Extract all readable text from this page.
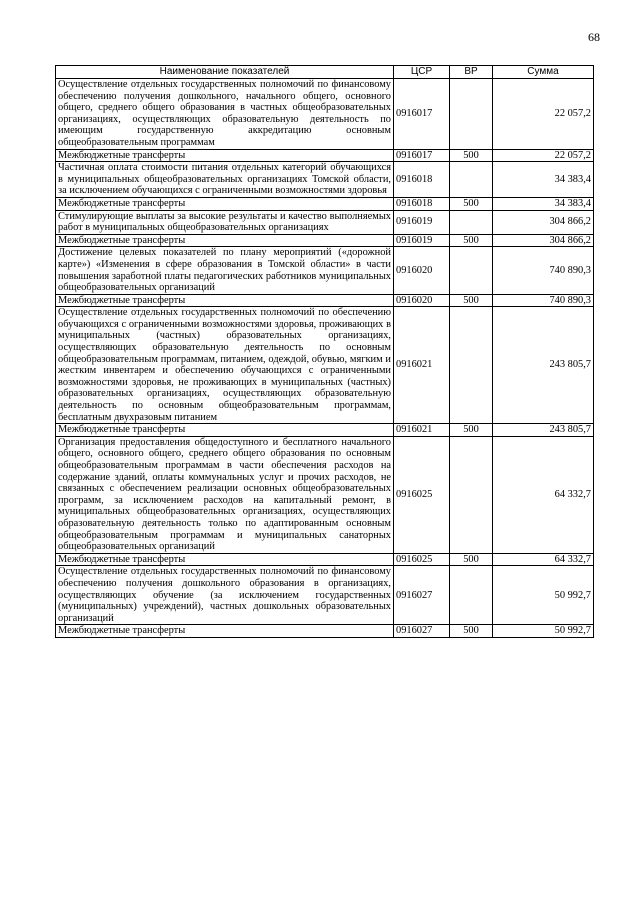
68
Наименование показателей	ЦСР	ВР	Сумма
Осуществление отдельных государственных полномочий по финансовому обеспечению получения дошкольного, начального общего, основного общего, среднего общего образования в частных общеобразовательных организациях, осуществляющих образовательную деятельность по имеющим государственную аккредитацию основным общеобразовательным программам	0916017		22 057,2
Межбюджетные трансферты	0916017	500	22 057,2
Частичная оплата стоимости питания отдельных категорий обучающихся в муниципальных общеобразовательных организациях Томской области, за исключением обучающихся с ограниченными возможностями здоровья	0916018		34 383,4
Межбюджетные трансферты	0916018	500	34 383,4
Стимулирующие выплаты за высокие результаты и качество выполняемых работ в муниципальных общеобразовательных организациях	0916019		304 866,2
Межбюджетные трансферты	0916019	500	304 866,2
Достижение целевых показателей по плану мероприятий («дорожной карте») «Изменения в сфере образования в Томской области» в части повышения заработной платы педагогических работников муниципальных общеобразовательных организаций	0916020		740 890,3
Межбюджетные трансферты	0916020	500	740 890,3
Осуществление отдельных государственных полномочий по обеспечению обучающихся с ограниченными возможностями здоровья, проживающих в муниципальных (частных) образовательных организациях, осуществляющих образовательную деятельность по основным общеобразовательным программам, питанием, одеждой, обувью, мягким и жестким инвентарем и обеспечению обучающихся с ограниченными возможностями здоровья, не проживающих в муниципальных (частных) образовательных организациях, осуществляющих образовательную деятельность по основным общеобразовательным программам, бесплатным двухразовым питанием	0916021		243 805,7
Межбюджетные трансферты	0916021	500	243 805,7
Организация предоставления общедоступного и бесплатного начального общего, основного общего, среднего общего образования по основным общеобразовательным программам в части обеспечения расходов на содержание зданий, оплаты коммунальных услуг и прочих расходов, не связанных с обеспечением реализации основных общеобразовательных программ, за исключением расходов на капитальный ремонт, в муниципальных общеобразовательных организациях, осуществляющих образовательную деятельность только по адаптированным основным общеобразовательным программам и муниципальных санаторных общеобразовательных организаций	0916025		64 332,7
Межбюджетные трансферты	0916025	500	64 332,7
Осуществление отдельных государственных полномочий по финансовому обеспечению получения дошкольного образования в организациях, осуществляющих обучение (за исключением государственных (муниципальных) учреждений), частных дошкольных образовательных организаций	0916027		50 992,7
Межбюджетные трансферты	0916027	500	50 992,7
